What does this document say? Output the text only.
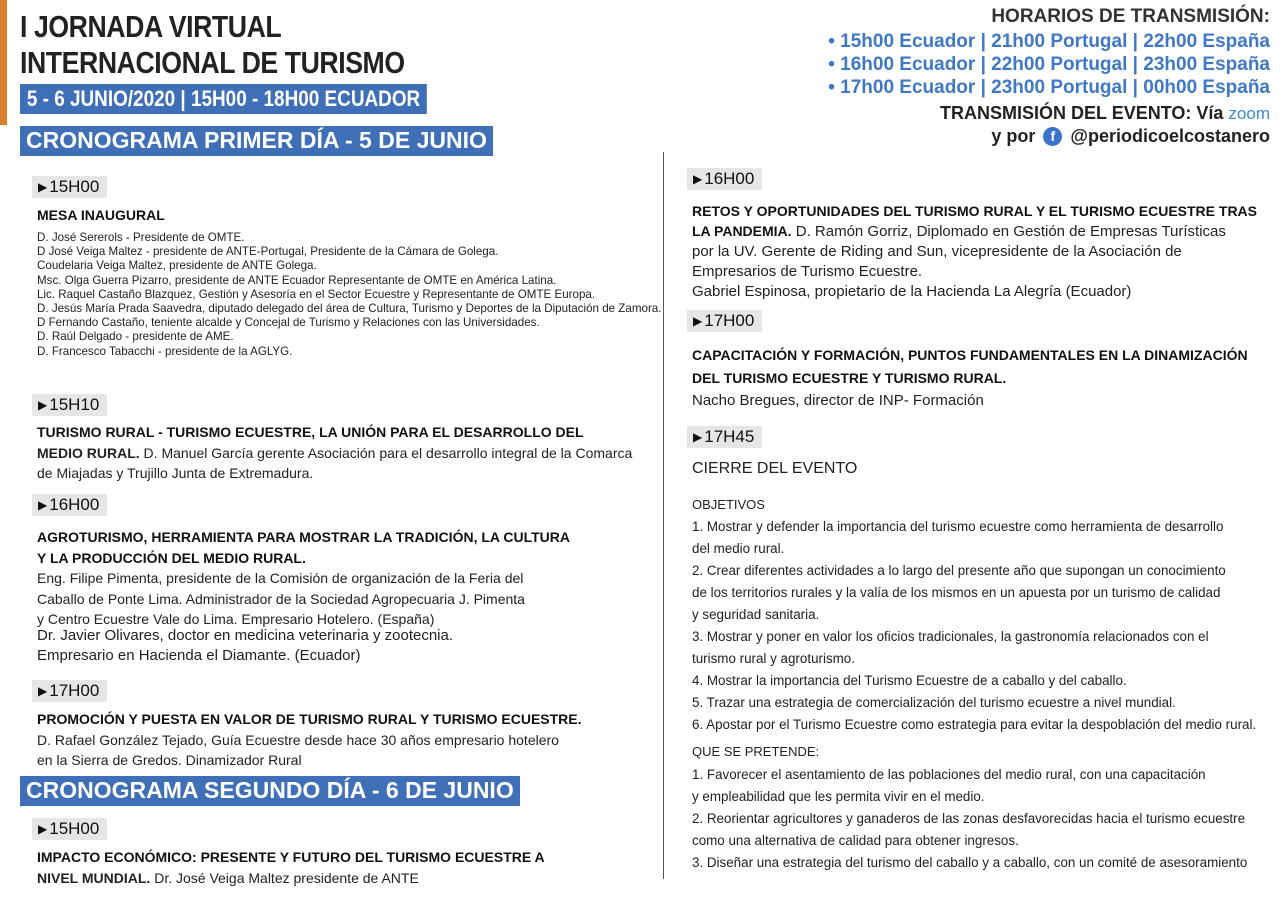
I JORNADA VIRTUAL
INTERNACIONAL DE TURISMO
5 - 6 JUNIO/2020 | 15H00 - 18H00 ECUADOR
HORARIOS DE TRANSMISIÓN:
• 15h00 Ecuador | 21h00 Portugal | 22h00 España
• 16h00 Ecuador | 22h00 Portugal | 23h00 España
• 17h00 Ecuador | 23h00 Portugal | 00h00 España
TRANSMISIÓN DEL EVENTO: Vía zoom
y por f @periodicoelcostanero
CRONOGRAMA PRIMER DÍA - 5 DE JUNIO
▶ 15H00
MESA INAUGURAL
D. José Sererols - Presidente de OMTE.
D José Veiga Maltez - presidente de ANTE-Portugal, Presidente de la Cámara de Golega.
Coudelaria Veiga Maltez, presidente de ANTE Golega.
Msc. Olga Guerra Pizarro, presidente de ANTE Ecuador Representante de OMTE en América Latina.
Lic. Raquel Castaño Blazquez, Gestión y Asesoría en el Sector Ecuestre y Representante de OMTE Europa.
D. Jesús María Prada Saavedra, diputado delegado del área de Cultura, Turismo y Deportes de la Diputación de Zamora.
D Fernando Castaño, teniente alcalde y Concejal de Turismo y Relaciones con las Universidades.
D. Raúl Delgado - presidente de AME.
D. Francesco Tabacchi - presidente de la AGLYG.
▶ 15H10
TURISMO RURAL - TURISMO ECUESTRE, LA UNIÓN PARA EL DESARROLLO DEL
MEDIO RURAL. D. Manuel García gerente Asociación para el desarrollo integral de la Comarca
de Miajadas y Trujillo Junta de Extremadura.
▶ 16H00
AGROTURISMO, HERRAMIENTA PARA MOSTRAR LA TRADICIÓN, LA CULTURA
Y LA PRODUCCIÓN DEL MEDIO RURAL.
Eng. Filipe Pimenta, presidente de la Comisión de organización de la Feria del
Caballo de Ponte Lima. Administrador de la Sociedad Agropecuaria J. Pimenta
y Centro Ecuestre Vale do Lima. Empresario Hotelero. (España)
Dr. Javier Olivares, doctor en medicina veterinaria y zootecnia.
Empresario en Hacienda el Diamante. (Ecuador)
▶ 17H00
PROMOCIÓN Y PUESTA EN VALOR DE TURISMO RURAL Y TURISMO ECUESTRE.
D. Rafael González Tejado, Guía Ecuestre desde hace 30 años empresario hotelero
en la Sierra de Gredos. Dinamizador Rural
CRONOGRAMA SEGUNDO DÍA - 6 DE JUNIO
▶ 15H00
IMPACTO ECONÓMICO: PRESENTE Y FUTURO DEL TURISMO ECUESTRE A
NIVEL MUNDIAL. Dr. José Veiga Maltez presidente de ANTE
▶ 16H00
RETOS Y OPORTUNIDADES DEL TURISMO RURAL Y EL TURISMO ECUESTRE TRAS
LA PANDEMIA. D. Ramón Gorriz, Diplomado en Gestión de Empresas Turísticas
por la UV. Gerente de Riding and Sun, vicepresidente de la Asociación de
Empresarios de Turismo Ecuestre.
Gabriel Espinosa, propietario de la Hacienda La Alegría (Ecuador)
▶ 17H00
CAPACITACIÓN Y FORMACIÓN, PUNTOS FUNDAMENTALES EN LA DINAMIZACIÓN
DEL TURISMO ECUESTRE Y TURISMO RURAL.
Nacho Bregues, director de INP- Formación
▶ 17H45
CIERRE DEL EVENTO
OBJETIVOS
1. Mostrar y defender la importancia del turismo ecuestre como herramienta de desarrollo
del medio rural.
2. Crear diferentes actividades a lo largo del presente año que supongan un conocimiento
de los territorios rurales y la valía de los mismos en un apuesta por un turismo de calidad
y seguridad sanitaria.
3. Mostrar y poner en valor los oficios tradicionales, la gastronomía relacionados con el
turismo rural y agroturismo.
4. Mostrar la importancia del Turismo Ecuestre de a caballo y del caballo.
5. Trazar una estrategia de comercialización del turismo ecuestre a nivel mundial.
6. Apostar por el Turismo Ecuestre como estrategia para evitar la despoblación del medio rural.
QUE SE PRETENDE:
1. Favorecer el asentamiento de las poblaciones del medio rural, con una capacitación
y empleabilidad que les permita vivir en el medio.
2. Reorientar agricultores y ganaderos de las zonas desfavorecidas hacia el turismo ecuestre
como una alternativa de calidad para obtener ingresos.
3. Diseñar una estrategia del turismo del caballo y a caballo, con un comité de asesoramiento
